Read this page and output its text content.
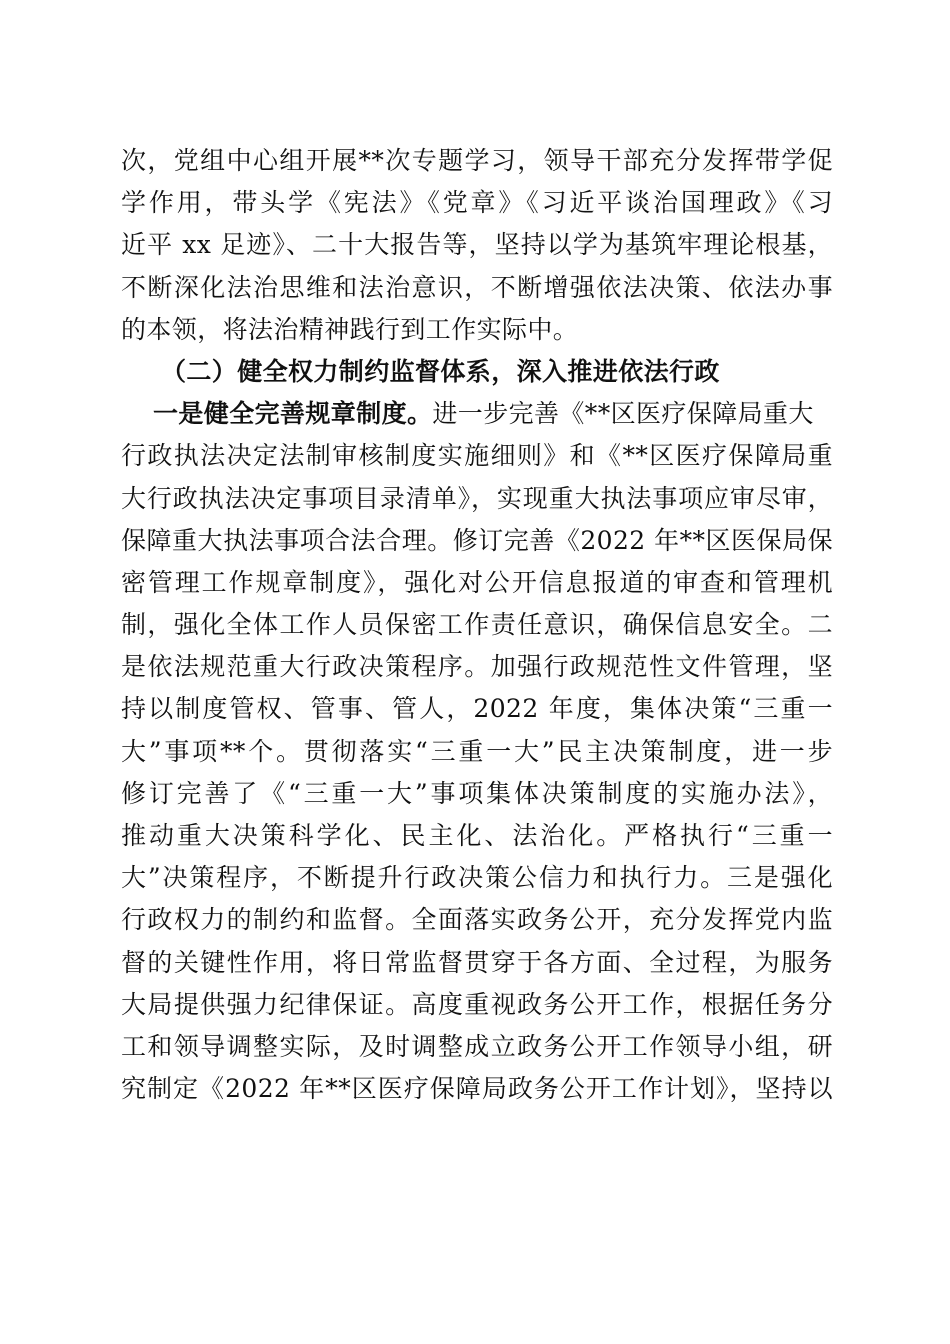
次，党组中心组开展**次专题学习，领导干部充分发挥带学促
学作用，带头学《宪法》《党章》《习近平谈治国理政》《习
近平 xx 足迹》、二十大报告等，坚持以学为基筑牢理论根基，
不断深化法治思维和法治意识，不断增强依法决策、依法办事
的本领，将法治精神践行到工作实际中。
（二）健全权力制约监督体系，深入推进依法行政
一是健全完善规章制度。进一步完善《**区医疗保障局重大
行政执法决定法制审核制度实施细则》和《**区医疗保障局重
大行政执法决定事项目录清单》，实现重大执法事项应审尽审，
保障重大执法事项合法合理。修订完善《2022 年**区医保局保
密管理工作规章制度》，强化对公开信息报道的审查和管理机
制，强化全体工作人员保密工作责任意识，确保信息安全。二
是依法规范重大行政决策程序。加强行政规范性文件管理，坚
持以制度管权、管事、管人，2022 年度，集体决策“三重一
大”事项**个。贯彻落实“三重一大”民主决策制度，进一步
修订完善了《“三重一大”事项集体决策制度的实施办法》，
推动重大决策科学化、民主化、法治化。严格执行“三重一
大”决策程序，不断提升行政决策公信力和执行力。三是强化
行政权力的制约和监督。全面落实政务公开，充分发挥党内监
督的关键性作用，将日常监督贯穿于各方面、全过程，为服务
大局提供强力纪律保证。高度重视政务公开工作，根据任务分
工和领导调整实际，及时调整成立政务公开工作领导小组，研
究制定《2022 年**区医疗保障局政务公开工作计划》，坚持以
